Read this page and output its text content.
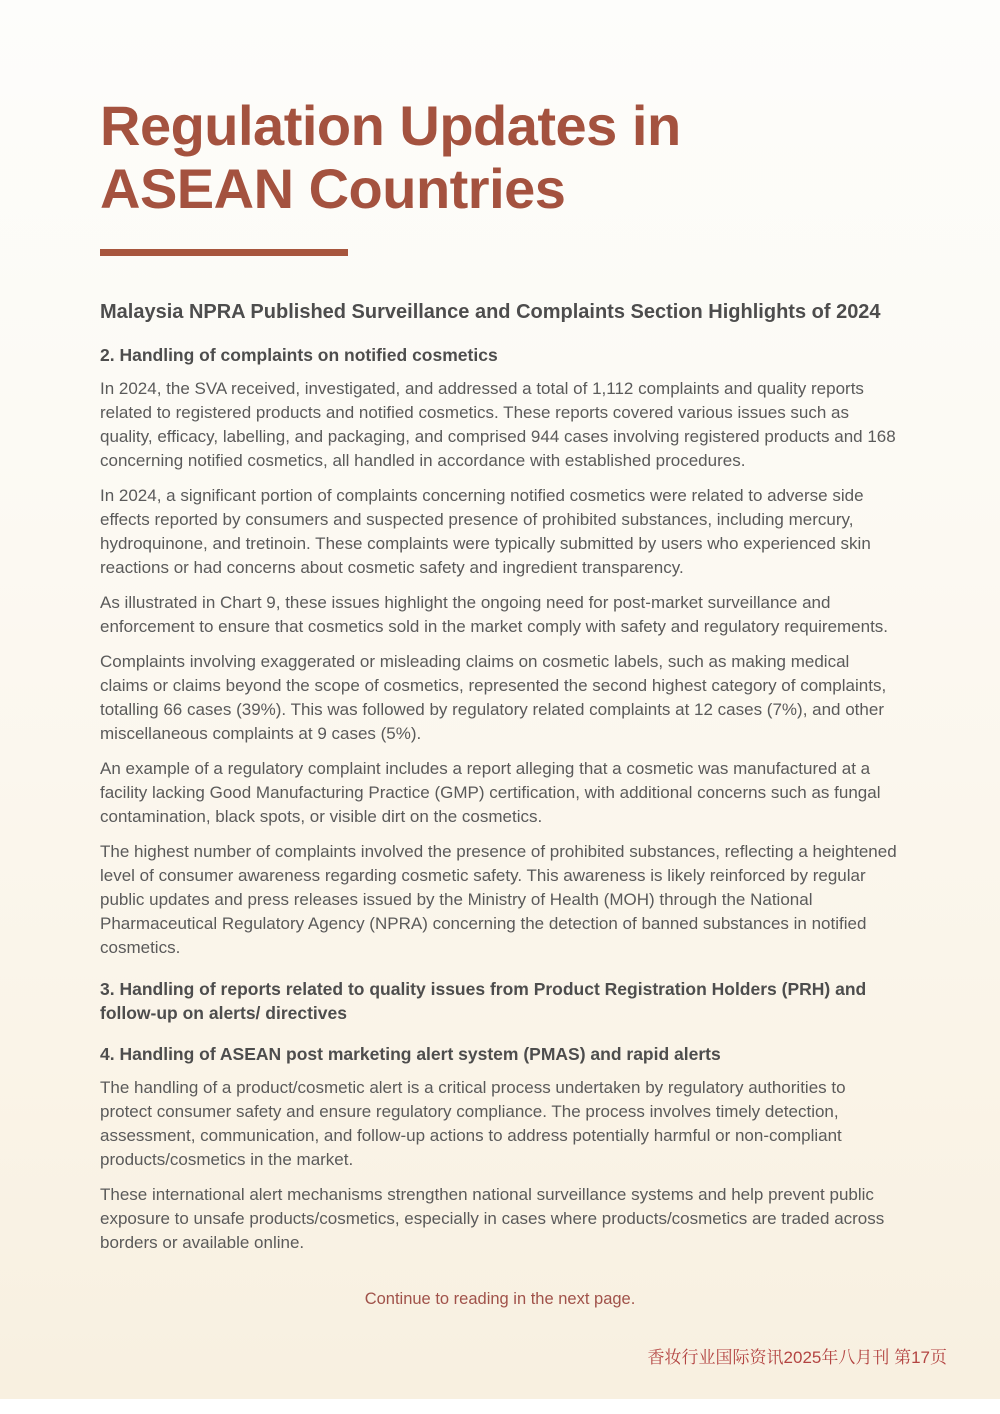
Regulation Updates in
ASEAN Countries
Malaysia NPRA Published Surveillance and Complaints Section Highlights of 2024
2. Handling of complaints on notified cosmetics

In 2024, the SVA received, investigated, and addressed a total of 1,112 complaints and quality reports related to registered products and notified cosmetics. These reports covered various issues such as quality, efficacy, labelling, and packaging, and comprised 944 cases involving registered products and 168 concerning notified cosmetics, all handled in accordance with established procedures.

In 2024, a significant portion of complaints concerning notified cosmetics were related to adverse side effects reported by consumers and suspected presence of prohibited substances, including mercury, hydroquinone, and tretinoin. These complaints were typically submitted by users who experienced skin reactions or had concerns about cosmetic safety and ingredient transparency.

As illustrated in Chart 9, these issues highlight the ongoing need for post-market surveillance and enforcement to ensure that cosmetics sold in the market comply with safety and regulatory requirements.

Complaints involving exaggerated or misleading claims on cosmetic labels, such as making medical claims or claims beyond the scope of cosmetics, represented the second highest category of complaints, totalling 66 cases (39%). This was followed by regulatory related complaints at 12 cases (7%), and other miscellaneous complaints at 9 cases (5%).

An example of a regulatory complaint includes a report alleging that a cosmetic was manufactured at a facility lacking Good Manufacturing Practice (GMP) certification, with additional concerns such as fungal contamination, black spots, or visible dirt on the cosmetics.

The highest number of complaints involved the presence of prohibited substances, reflecting a heightened level of consumer awareness regarding cosmetic safety. This awareness is likely reinforced by regular public updates and press releases issued by the Ministry of Health (MOH) through the National Pharmaceutical Regulatory Agency (NPRA) concerning the detection of banned substances in notified cosmetics.

3. Handling of reports related to quality issues from Product Registration Holders (PRH) and follow-up on alerts/ directives
4. Handling of ASEAN post marketing alert system (PMAS) and rapid alerts

The handling of a product/cosmetic alert is a critical process undertaken by regulatory authorities to protect consumer safety and ensure regulatory compliance. The process involves timely detection, assessment, communication, and follow-up actions to address potentially harmful or non-compliant products/cosmetics in the market.

These international alert mechanisms strengthen national surveillance systems and help prevent public exposure to unsafe products/cosmetics, especially in cases where products/cosmetics are traded across borders or available online.

Continue to reading in the next page.
香妆行业国际资讯2025年八月刊 第17页
